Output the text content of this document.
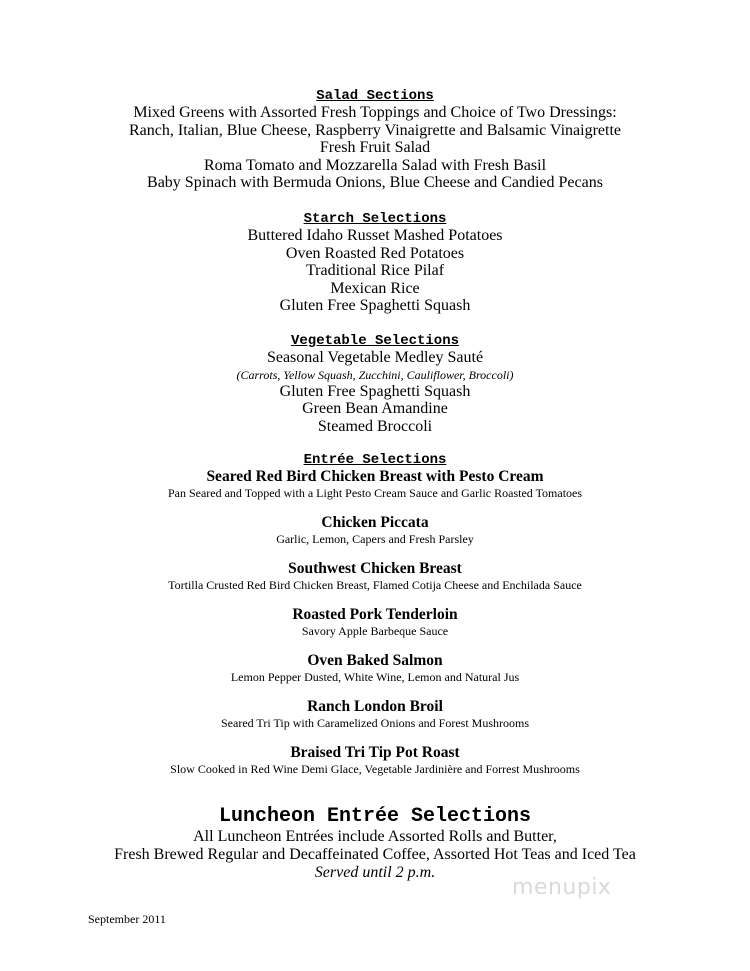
Salad Sections

Mixed Greens with Assorted Fresh Toppings and Choice of Two Dressings:

Ranch, Italian, Blue Cheese, Raspberry Vinaigrette and Balsamic Vinaigrette

Fresh Fruit Salad

Roma Tomato and Mozzarella Salad with Fresh Basil

Baby Spinach with Bermuda Onions, Blue Cheese and Candied Pecans

Starch Selections

Buttered Idaho Russet Mashed Potatoes

Oven Roasted Red Potatoes

Traditional Rice Pilaf

Mexican Rice

Gluten Free Spaghetti Squash

Vegetable Selections

Seasonal Vegetable Medley Sauté

(Carrots, Yellow Squash, Zucchini, Cauliflower, Broccoli)

Gluten Free Spaghetti Squash

Green Bean Amandine

Steamed Broccoli

Entrée Selections

Seared Red Bird Chicken Breast with Pesto Cream

Pan Seared and Topped with a Light Pesto Cream Sauce and Garlic Roasted Tomatoes

Chicken Piccata

Garlic, Lemon, Capers and Fresh Parsley

Southwest Chicken Breast

Tortilla Crusted Red Bird Chicken Breast, Flamed Cotija Cheese and Enchilada Sauce

Roasted Pork Tenderloin

Savory Apple Barbeque Sauce

Oven Baked Salmon

Lemon Pepper Dusted, White Wine, Lemon and Natural Jus

Ranch London Broil

Seared Tri Tip with Caramelized Onions and Forest Mushrooms

Braised Tri Tip Pot Roast

Slow Cooked in Red Wine Demi Glace, Vegetable Jardinière and Forrest Mushrooms

Luncheon Entrée Selections

All Luncheon Entrées include Assorted Rolls and Butter,

Fresh Brewed Regular and Decaffeinated Coffee, Assorted Hot Teas and Iced Tea

Served until 2 p.m.

menupix
September 2011
